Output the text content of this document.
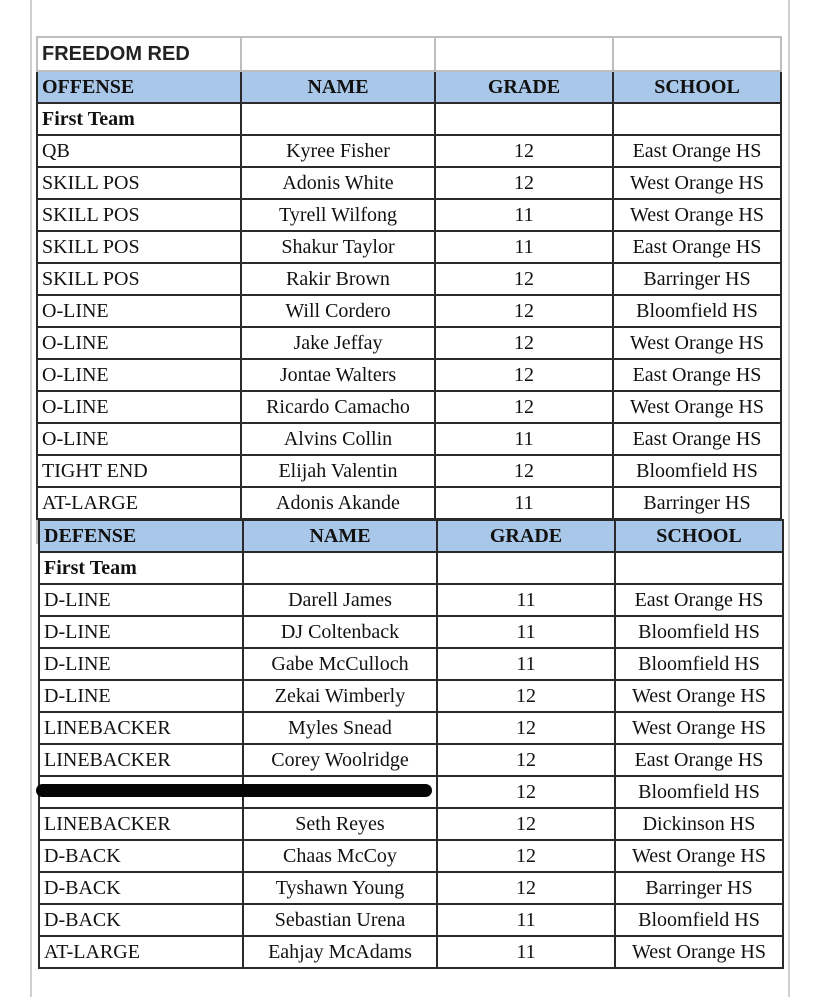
FREEDOM RED			
OFFENSE	NAME	GRADE	SCHOOL
First Team			
QB	Kyree Fisher	12	East Orange HS
SKILL POS	Adonis White	12	West Orange HS
SKILL POS	Tyrell Wilfong	11	West Orange HS
SKILL POS	Shakur Taylor	11	East Orange HS
SKILL POS	Rakir Brown	12	Barringer HS
O-LINE	Will Cordero	12	Bloomfield HS
O-LINE	Jake Jeffay	12	West Orange HS
O-LINE	Jontae Walters	12	East Orange HS
O-LINE	Ricardo Camacho	12	West Orange HS
O-LINE	Alvins Collin	11	East Orange HS
TIGHT END	Elijah Valentin	12	Bloomfield HS
AT-LARGE	Adonis Akande	11	Barringer HS

DEFENSE	NAME	GRADE	SCHOOL
First Team			
D-LINE	Darell James	11	East Orange HS
D-LINE	DJ Coltenback	11	Bloomfield HS
D-LINE	Gabe McCulloch	11	Bloomfield HS
D-LINE	Zekai Wimberly	12	West Orange HS
LINEBACKER	Myles Snead	12	West Orange HS
LINEBACKER	Corey Woolridge	12	East Orange HS
		12	Bloomfield HS
LINEBACKER	Seth Reyes	12	Dickinson HS
D-BACK	Chaas McCoy	12	West Orange HS
D-BACK	Tyshawn Young	12	Barringer HS
D-BACK	Sebastian Urena	11	Bloomfield HS
AT-LARGE	Eahjay McAdams	11	West Orange HS
